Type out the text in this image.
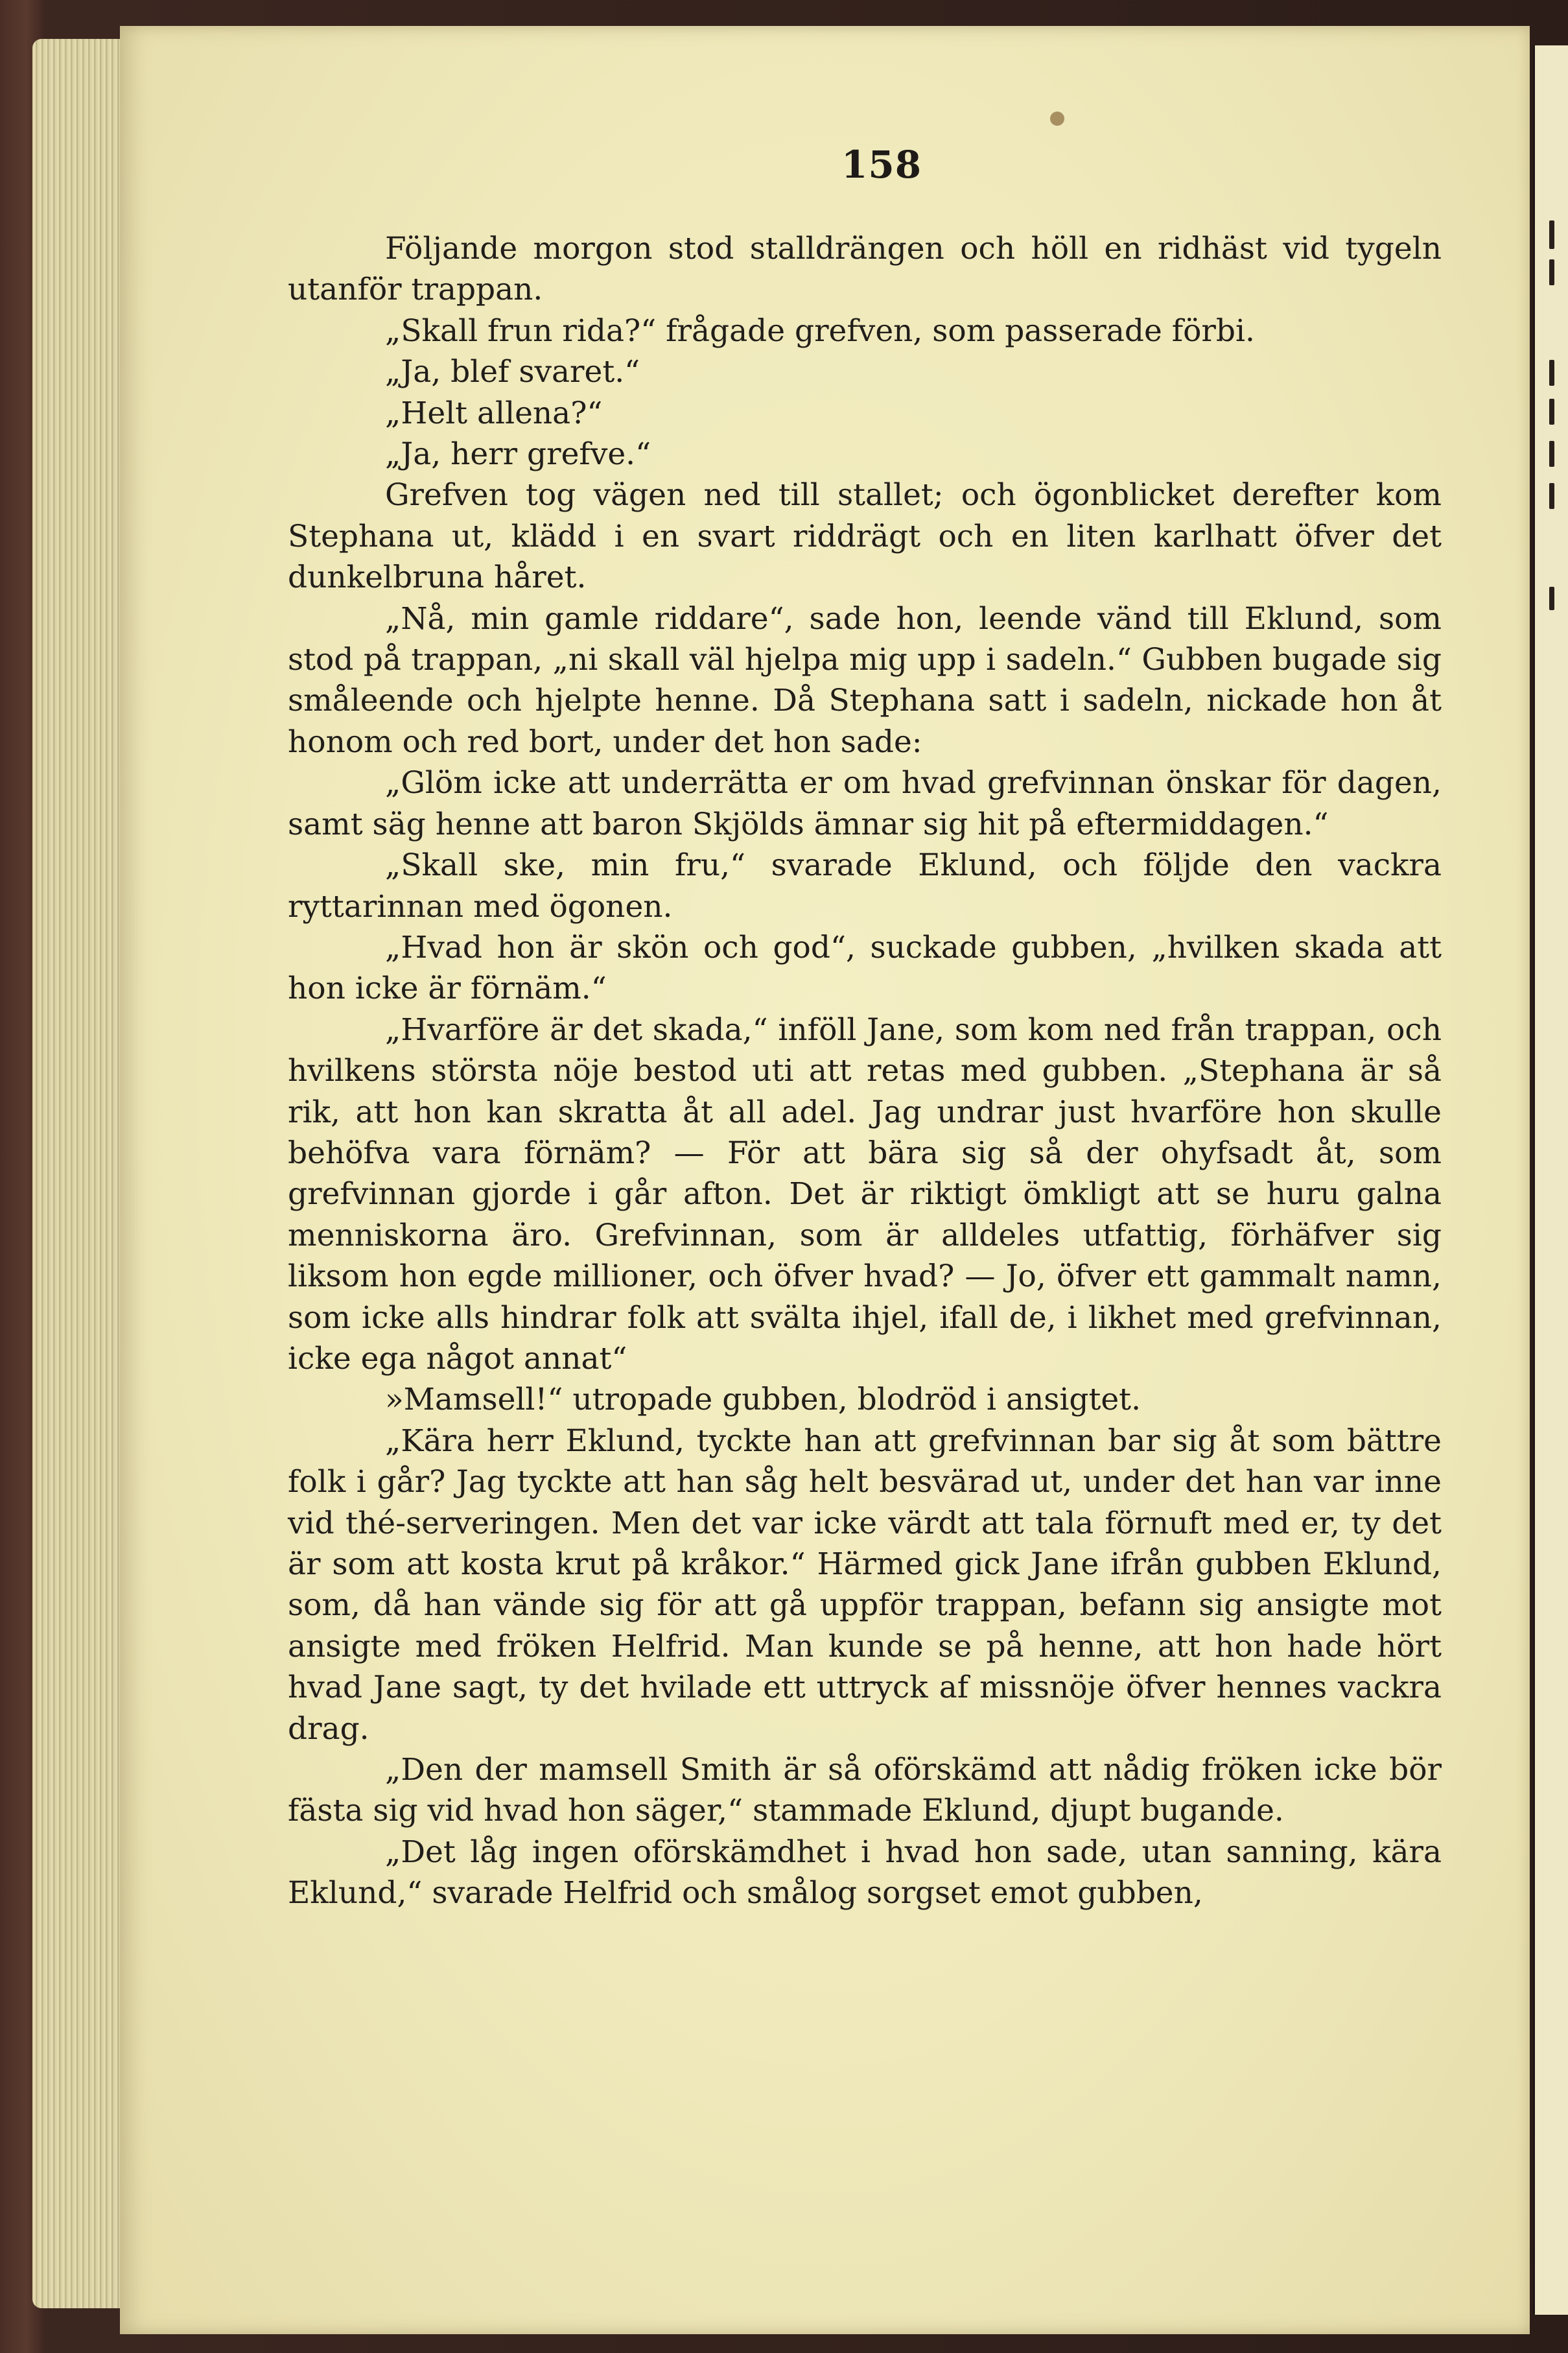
158

Följande morgon stod stalldrängen och höll en ridhäst vid tygeln utanför trappan.

„Skall frun rida?“ frågade grefven, som passerade förbi.

„Ja, blef svaret.“

„Helt allena?“

„Ja, herr grefve.“

Grefven tog vägen ned till stallet; och ögonblicket derefter kom Stephana ut, klädd i en svart riddrägt och en liten karlhatt öfver det dunkelbruna håret.

„Nå, min gamle riddare“, sade hon, leende vänd till Eklund, som stod på trappan, „ni skall väl hjelpa mig upp i sadeln.“ Gubben bugade sig småleende och hjelpte henne. Då Stephana satt i sadeln, nickade hon åt honom och red bort, under det hon sade:

„Glöm icke att underrätta er om hvad grefvinnan önskar för dagen, samt säg henne att baron Skjölds ämnar sig hit på eftermiddagen.“

„Skall ske, min fru,“ svarade Eklund, och följde den vackra ryttarinnan med ögonen.

„Hvad hon är skön och god“, suckade gubben, „hvilken skada att hon icke är förnäm.“

„Hvarföre är det skada,“ inföll Jane, som kom ned från trappan, och hvilkens största nöje bestod uti att retas med gubben. „Stephana är så rik, att hon kan skratta åt all adel. Jag undrar just hvarföre hon skulle behöfva vara förnäm? — För att bära sig så der ohyfsadt åt, som grefvinnan gjorde i går afton. Det är riktigt ömkligt att se huru galna menniskorna äro. Grefvinnan, som är alldeles utfattig, förhäfver sig liksom hon egde millioner, och öfver hvad? — Jo, öfver ett gammalt namn, som icke alls hindrar folk att svälta ihjel, ifall de, i likhet med grefvinnan, icke ega något annat“

»Mamsell!“ utropade gubben, blodröd i ansigtet.

„Kära herr Eklund, tyckte han att grefvinnan bar sig åt som bättre folk i går? Jag tyckte att han såg helt besvärad ut, under det han var inne vid thé-serveringen. Men det var icke värdt att tala förnuft med er, ty det är som att kosta krut på kråkor.“ Härmed gick Jane ifrån gubben Eklund, som, då han vände sig för att gå uppför trappan, befann sig ansigte mot ansigte med fröken Helfrid. Man kunde se på henne, att hon hade hört hvad Jane sagt, ty det hvilade ett uttryck af missnöje öfver hennes vackra drag.

„Den der mamsell Smith är så oförskämd att nådig fröken icke bör fästa sig vid hvad hon säger,“ stammade Eklund, djupt bugande.

„Det låg ingen oförskämdhet i hvad hon sade, utan sanning, kära Eklund,“ svarade Helfrid och smålog sorgset emot gubben,
